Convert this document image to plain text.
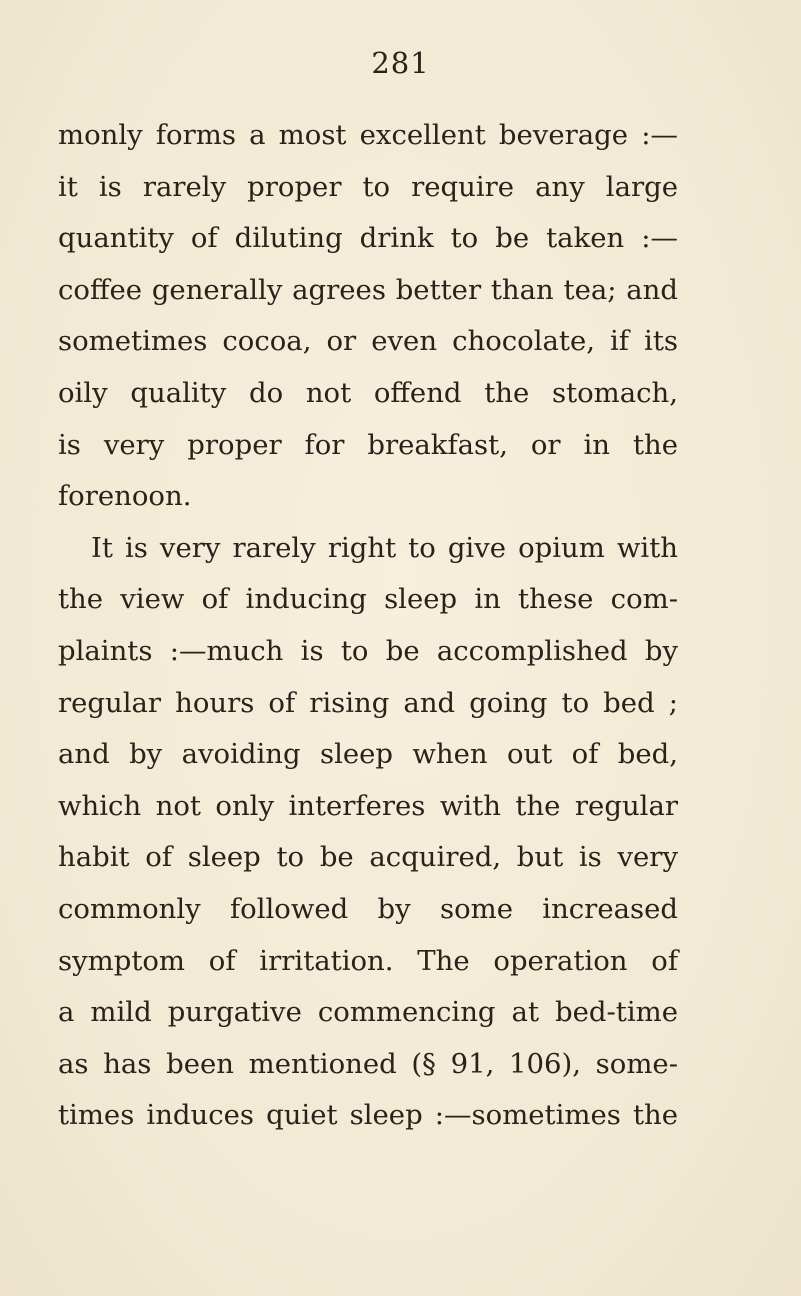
281
monly forms a most excellent beverage :—
it is rarely proper to require any large
quantity of diluting drink to be taken :—
coffee generally agrees better than tea; and
sometimes cocoa, or even chocolate, if its
oily quality do not offend the stomach,
is very proper for breakfast, or in the
forenoon.
It is very rarely right to give opium with
the view of inducing sleep in these com-
plaints :—much is to be accomplished by
regular hours of rising and going to bed ;
and by avoiding sleep when out of bed,
which not only interferes with the regular
habit of sleep to be acquired, but is very
commonly followed by some increased
symptom of irritation. The operation of
a mild purgative commencing at bed-time
as has been mentioned (§ 91, 106), some-
times induces quiet sleep :—sometimes the
